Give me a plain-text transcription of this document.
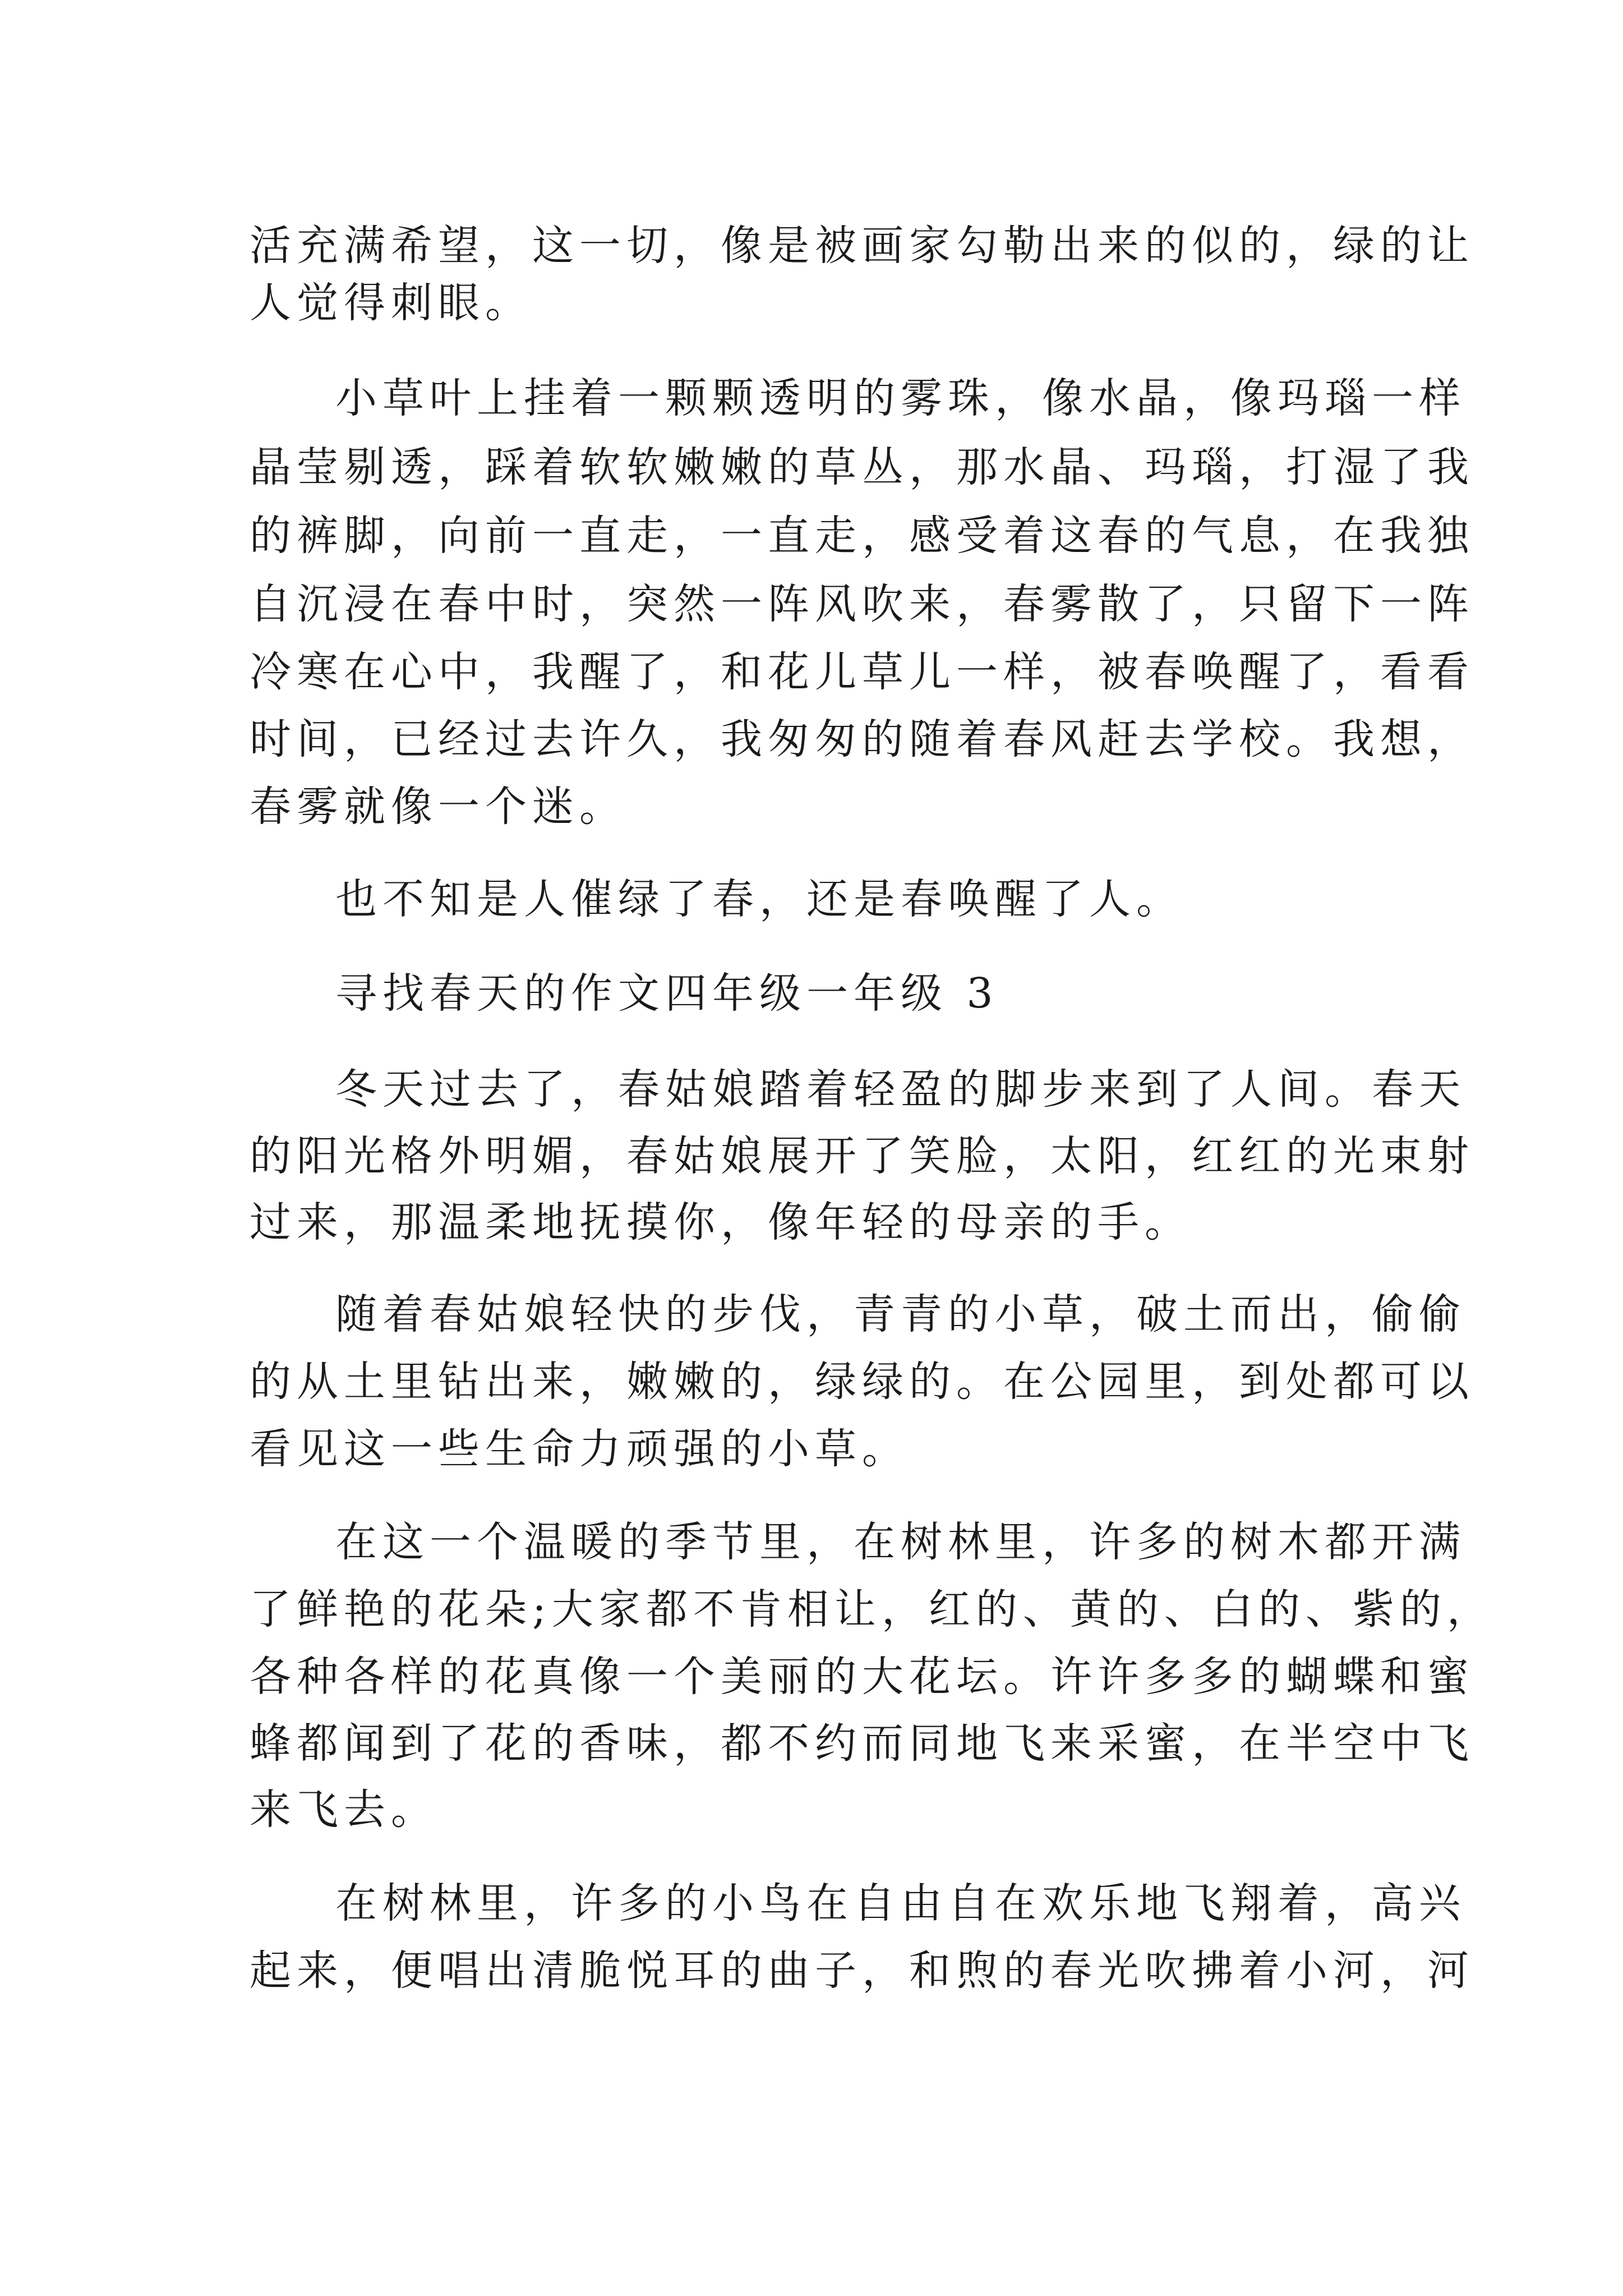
活充满希望，这一切，像是被画家勾勒出来的似的，绿的让
人觉得刺眼。
小草叶上挂着一颗颗透明的雾珠，像水晶，像玛瑙一样
晶莹剔透，踩着软软嫩嫩的草丛，那水晶、玛瑙，打湿了我
的裤脚，向前一直走，一直走，感受着这春的气息，在我独
自沉浸在春中时，突然一阵风吹来，春雾散了，只留下一阵
冷寒在心中，我醒了，和花儿草儿一样，被春唤醒了，看看
时间，已经过去许久，我匆匆的随着春风赶去学校。我想，
春雾就像一个迷。
也不知是人催绿了春，还是春唤醒了人。
寻找春天的作文四年级一年级 3
冬天过去了，春姑娘踏着轻盈的脚步来到了人间。春天
的阳光格外明媚，春姑娘展开了笑脸，太阳，红红的光束射
过来，那温柔地抚摸你，像年轻的母亲的手。
随着春姑娘轻快的步伐，青青的小草，破土而出，偷偷
的从土里钻出来，嫩嫩的，绿绿的。在公园里，到处都可以
看见这一些生命力顽强的小草。
在这一个温暖的季节里，在树林里，许多的树木都开满
了鲜艳的花朵;大家都不肯相让，红的、黄的、白的、紫的，
各种各样的花真像一个美丽的大花坛。许许多多的蝴蝶和蜜
蜂都闻到了花的香味，都不约而同地飞来采蜜，在半空中飞
来飞去。
在树林里，许多的小鸟在自由自在欢乐地飞翔着，高兴
起来，便唱出清脆悦耳的曲子，和煦的春光吹拂着小河，河
